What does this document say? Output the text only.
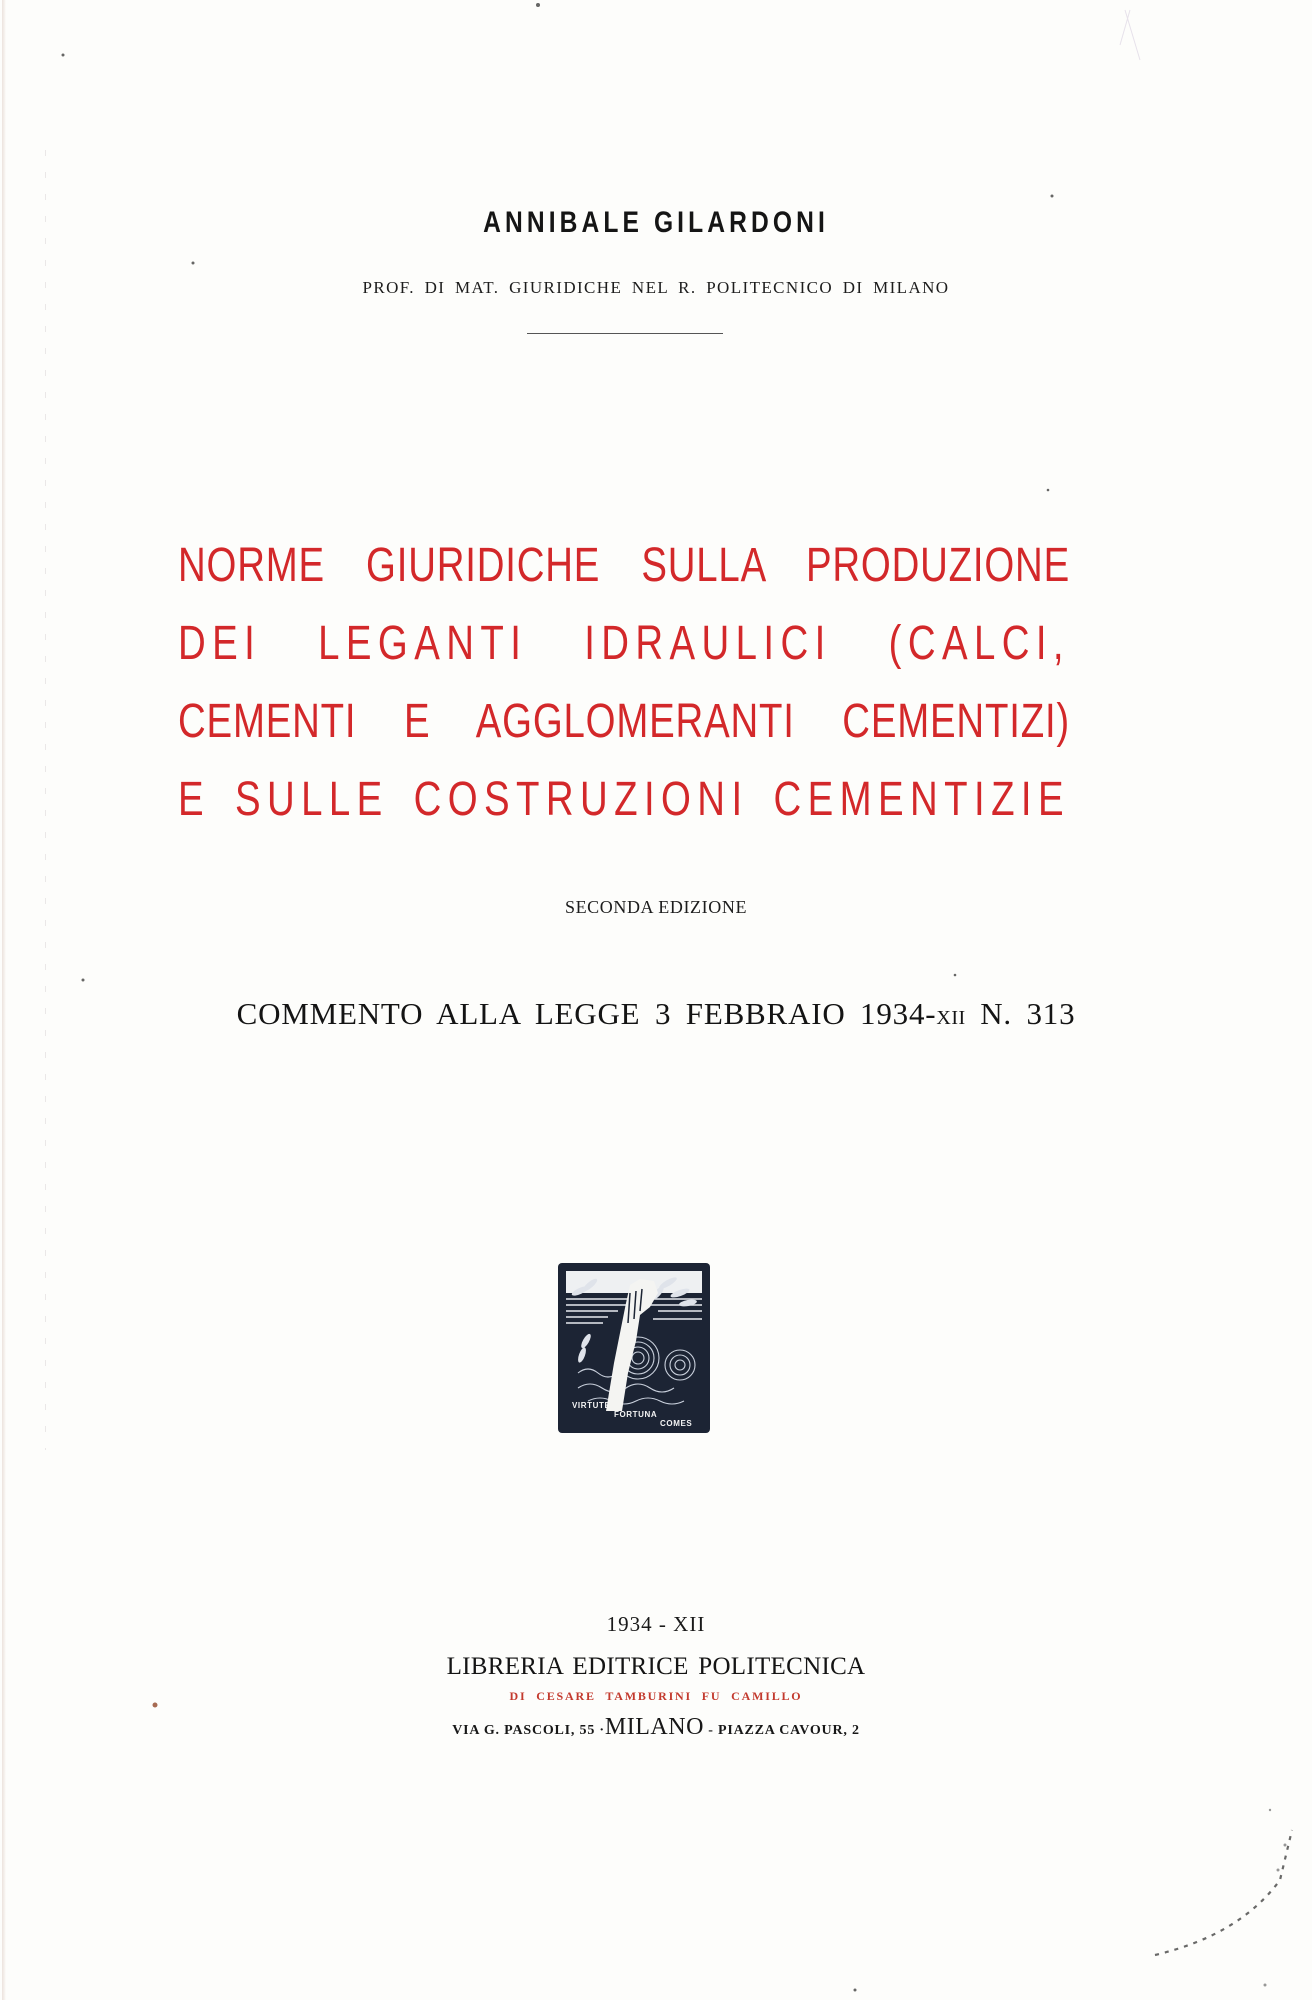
ANNIBALE GILARDONI
PROF. DI MAT. GIURIDICHE NEL R. POLITECNICO DI MILANO
NORME GIURIDICHE SULLA PRODUZIONE
DEI LEGANTI IDRAULICI (CALCI,
CEMENTI E AGGLOMERANTI CEMENTIZI)
E SULLE COSTRUZIONI CEMENTIZIE
SECONDA EDIZIONE
COMMENTO ALLA LEGGE 3 FEBBRAIO 1934-XII N. 313
VIRTUTE
FORTUNA
COMES
1934 - XII
LIBRERIA EDITRICE POLITECNICA
DI CESARE TAMBURINI FU CAMILLO
VIA G. PASCOLI, 55 ·MILANO - PIAZZA CAVOUR, 2
